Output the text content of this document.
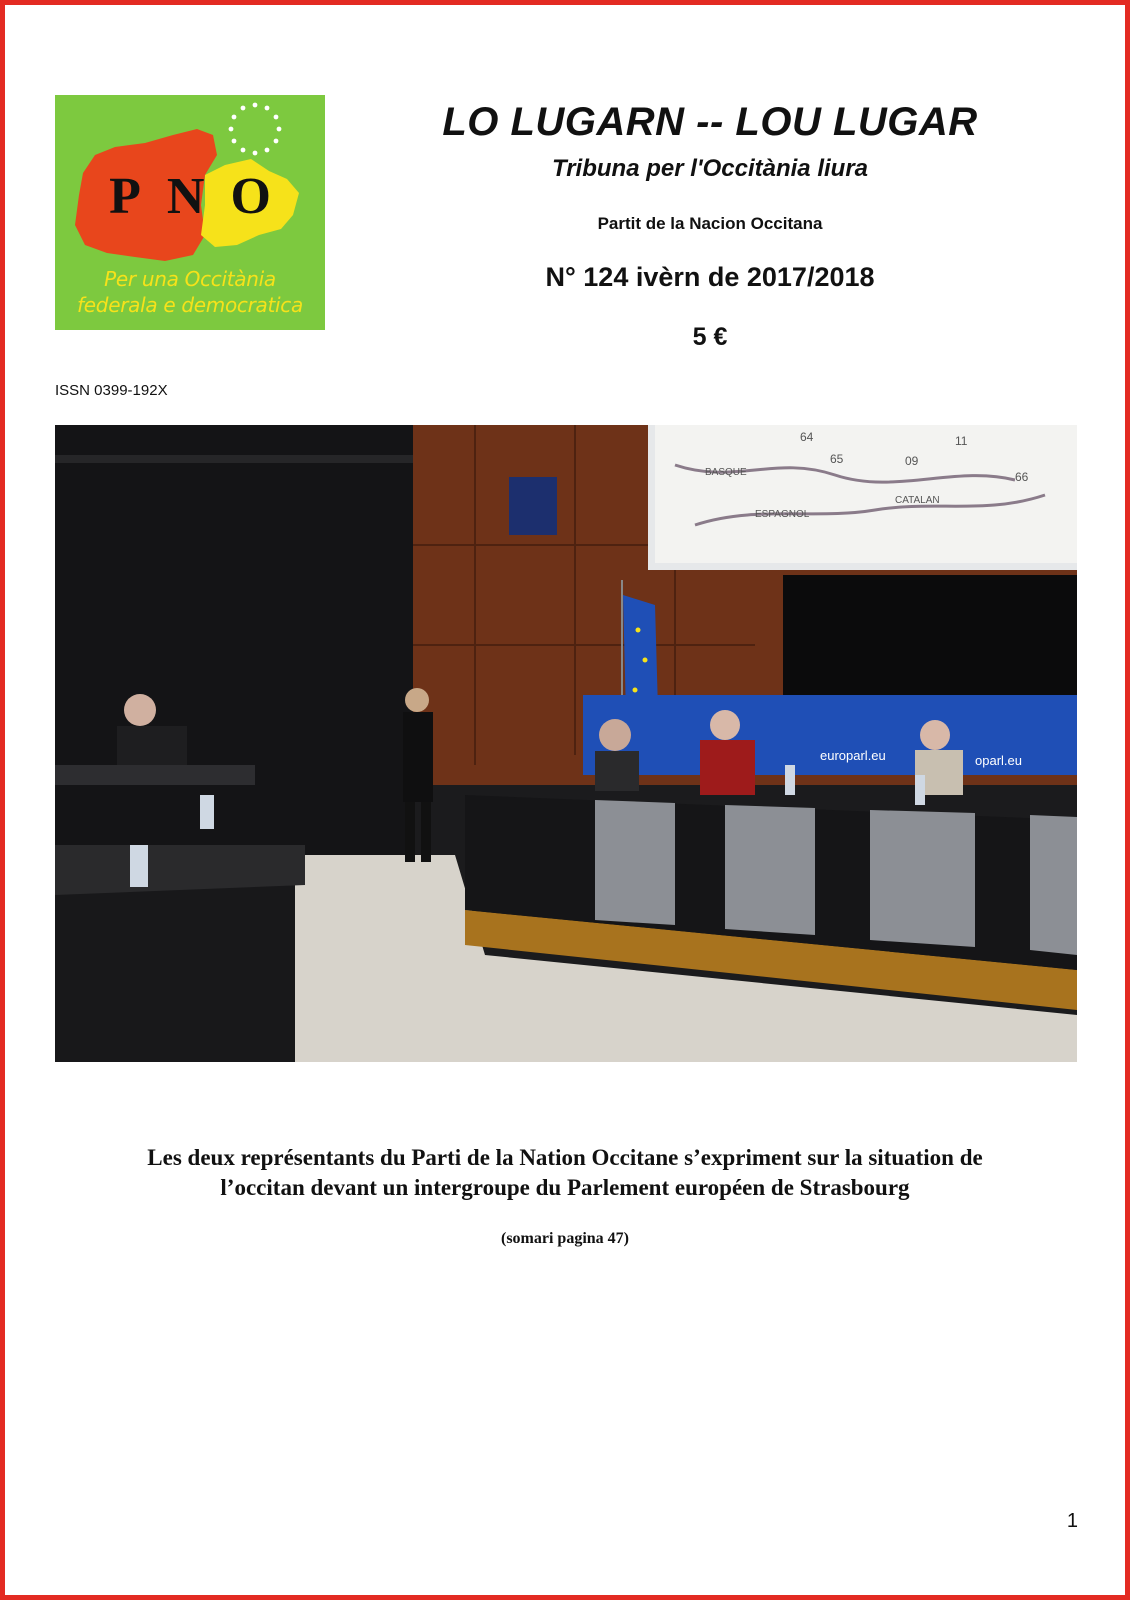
P N O
Per una Occitània
federala e democratica
LO LUGARN -- LOU LUGAR
Tribuna per l'Occitània liura
Partit de la Nacion Occitana
N° 124 ivèrn de 2017/2018
5 €
ISSN 0399-192X
64
65	09
11
66
BASQUE
ESPAGNOL
CATALAN
europarl.eu	oparl.eu
Les deux représentants du Parti de la Nation Occitane s’expriment sur la situation de
l’occitan devant un intergroupe du Parlement européen de Strasbourg
(somari pagina 47)
1
